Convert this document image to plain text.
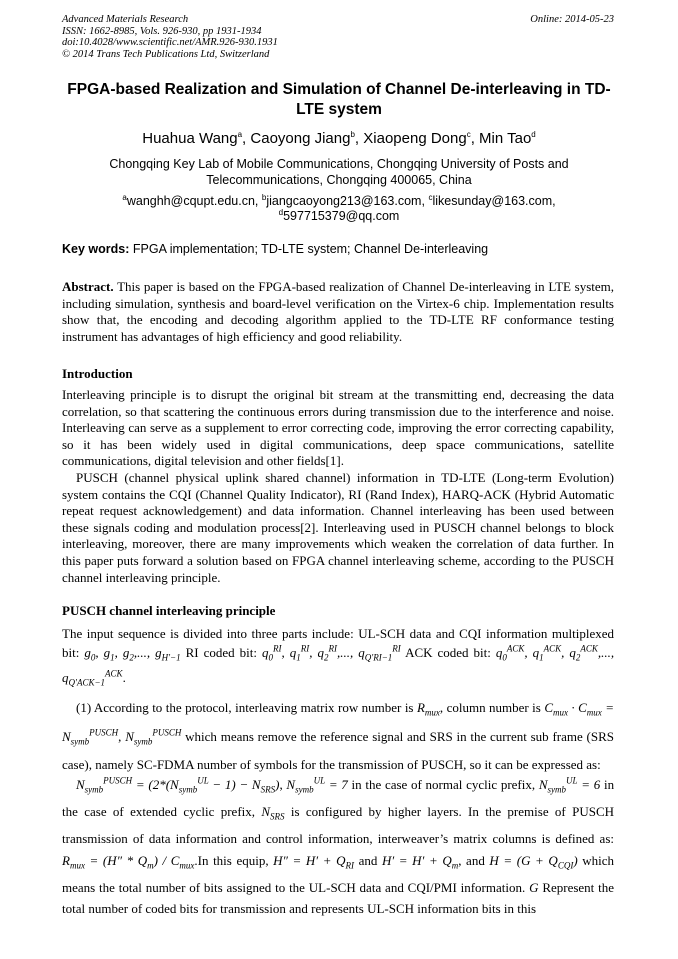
Advanced Materials Research
ISSN: 1662-8985, Vols. 926-930, pp 1931-1934
doi:10.4028/www.scientific.net/AMR.926-930.1931
© 2014 Trans Tech Publications Ltd, Switzerland
Online: 2014-05-23
FPGA-based Realization and Simulation of Channel De-interleaving in TD-LTE system
Huahua Wang$^a$, Caoyong Jiang$^b$, Xiaopeng Dong$^c$, Min Tao$^d$
Chongqing Key Lab of Mobile Communications, Chongqing University of Posts and Telecommunications, Chongqing 400065, China
$^a$wanghh@cqupt.edu.cn, $^b$jiangcaoyong213@163.com, $^c$likesunday@163.com,
$^d$597715379@qq.com
Key words: FPGA implementation; TD-LTE system; Channel De-interleaving
Abstract. This paper is based on the FPGA-based realization of Channel De-interleaving in LTE system, including simulation, synthesis and board-level verification on the Virtex-6 chip. Implementation results show that, the encoding and decoding algorithm applied to the TD-LTE RF conformance testing instrument has advantages of high efficiency and good reliability.
Introduction
Interleaving principle is to disrupt the original bit stream at the transmitting end, decreasing the data correlation, so that scattering the continuous errors during transmission due to the interference and noise. Interleaving can serve as a supplement to error correcting code, improving the error correcting capability, so it has been widely used in digital communications, deep space communications, satellite communications, digital television and other fields[1].
PUSCH (channel physical uplink shared channel) information in TD-LTE (Long-term Evolution) system contains the CQI (Channel Quality Indicator), RI (Rand Index), HARQ-ACK (Hybrid Automatic repeat request acknowledgement) and data information. Channel interleaving has been used between these signals coding and modulation process[2]. Interleaving used in PUSCH channel belongs to block interleaving, moreover, there are many improvements which weaken the correlation of data further. In this paper puts forward a solution based on FPGA channel interleaving scheme, according to the PUSCH channel interleaving principle.
PUSCH channel interleaving principle
The input sequence is divided into three parts include: UL-SCH data and CQI information multiplexed bit: $g_0$, $g_1$, $g_2$,..., $g_{H'-1}$ RI coded bit: $q_0^{RI}$, $q_1^{RI}$, $q_2^{RI}$,..., $q_{Q'RI-1}^{RI}$ ACK coded bit: $q_0^{ACK}$, $q_1^{ACK}$, $q_2^{ACK}$,..., $q_{Q'ACK-1}^{ACK}$.
(1) According to the protocol, interleaving matrix row number is $R_{mux}$, column number is $C_{mux} \cdot C_{mux} = N_{symb}^{PUSCH}$, $N_{symb}^{PUSCH}$ which means remove the reference signal and SRS in the current sub frame (SRS case), namely SC-FDMA number of symbols for the transmission of PUSCH, so it can be expressed as:
$N_{symb}^{PUSCH} = (2*(N_{symb}^{UL} - 1) - N_{SRS})$, $N_{symb}^{UL} = 7$ in the case of normal cyclic prefix, $N_{symb}^{UL} = 6$ in the case of extended cyclic prefix, $N_{SRS}$ is configured by higher layers. In the premise of PUSCH transmission of data information and control information, interweaver’s matrix columns is defined as: $R_{mux} = (H'' * Q_m) / C_{mux}.In$ this equip, $H'' = H' + Q_{RI}$ and $H' = H' + Q_m$, and $H = (G + Q_{CQI})$ which means the total number of bits assigned to the UL-SCH data and CQI/PMI information. G Represent the total number of coded bits for transmission and represents UL-SCH information bits in this
